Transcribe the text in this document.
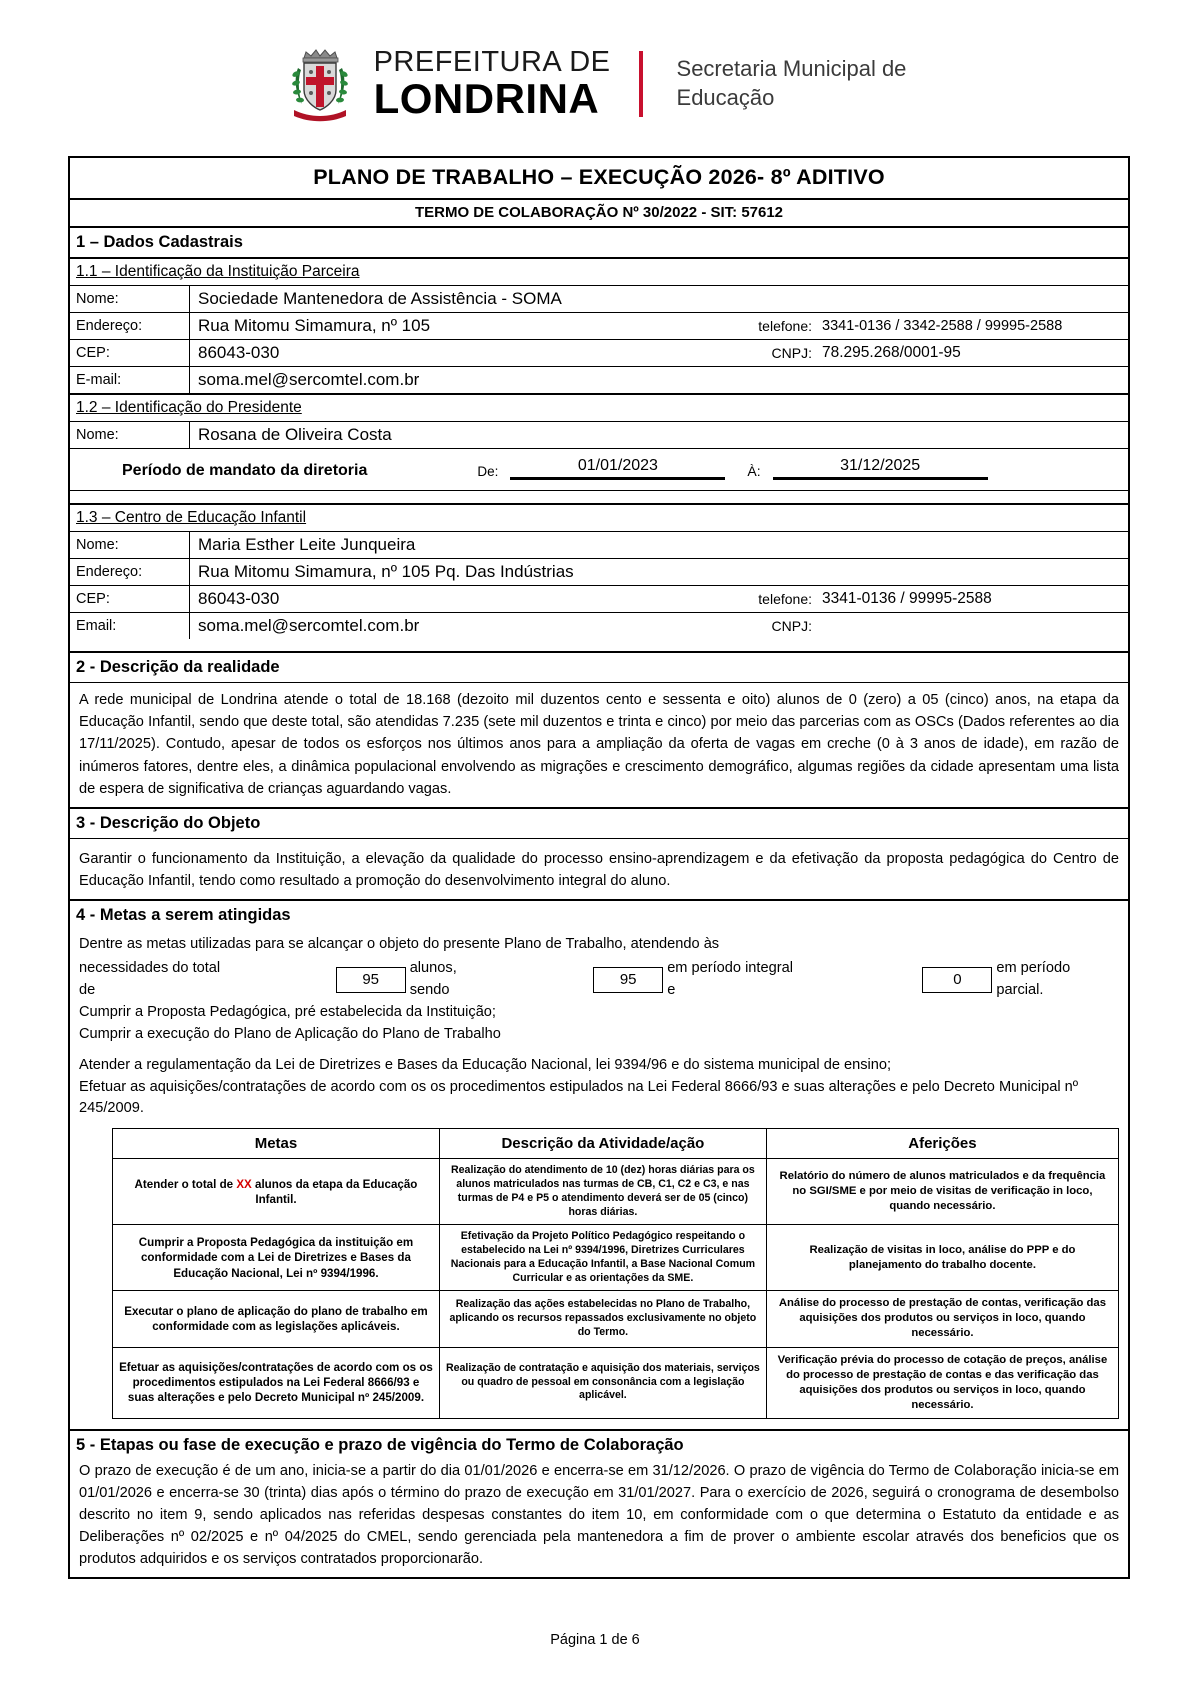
PREFEITURA DE
LONDRINA
Secretaria Municipal de
Educação
PLANO DE TRABALHO – EXECUÇÃO 2026- 8º ADITIVO
TERMO DE COLABORAÇÃO Nº 30/2022 - SIT: 57612
1 – Dados Cadastrais
1.1 – Identificação da Instituição Parceira
Nome:	Sociedade Mantenedora de Assistência - SOMA
Endereço:	Rua Mitomu Simamura, nº 105	telefone: 3341-0136 / 3342-2588 / 99995-2588
CEP:	86043-030	CNPJ: 78.295.268/0001-95
E-mail:	soma.mel@sercomtel.com.br
1.2 – Identificação do Presidente
Nome:	Rosana de Oliveira Costa
Período de mandato da diretoria	De:	01/01/2023	À:	31/12/2025
1.3 – Centro de Educação Infantil
Nome:	Maria Esther Leite Junqueira
Endereço:	Rua Mitomu Simamura, nº 105 Pq. Das Indústrias
CEP:	86043-030	telefone: 3341-0136 / 99995-2588
Email:	soma.mel@sercomtel.com.br	CNPJ:
2 - Descrição da realidade

A rede municipal de Londrina atende o total de 18.168 (dezoito mil duzentos cento e sessenta e oito) alunos de 0 (zero) a 05 (cinco) anos, na etapa da Educação Infantil, sendo que deste total, são atendidas 7.235 (sete mil duzentos e trinta e cinco) por meio das parcerias com as OSCs (Dados referentes ao dia 17/11/2025). Contudo, apesar de todos os esforços nos últimos anos para a ampliação da oferta de vagas em creche (0 à 3 anos de idade), em razão de inúmeros fatores, dentre eles, a dinâmica populacional envolvendo as migrações e crescimento demográfico, algumas regiões da cidade apresentam uma lista de espera de significativa de crianças aguardando vagas.

3 - Descrição do Objeto

Garantir o funcionamento da Instituição, a elevação da qualidade do processo ensino-aprendizagem e da efetivação da proposta pedagógica do Centro de Educação Infantil, tendo como resultado a promoção do desenvolvimento integral do aluno.

4 - Metas a serem atingidas

Dentre as metas utilizadas para se alcançar o objeto do presente Plano de Trabalho, atendendo às

necessidades do total de
95
alunos, sendo
95
em período integral e
0
em período parcial.

Cumprir a Proposta Pedagógica, pré estabelecida da Instituição;

Cumprir a execução do Plano de Aplicação do Plano de Trabalho

Atender a regulamentação da Lei de Diretrizes e Bases da Educação Nacional, lei 9394/96 e do sistema municipal de ensino;

Efetuar as aquisições/contratações de acordo com os os procedimentos estipulados na Lei Federal 8666/93 e suas alterações e pelo Decreto Municipal nº 245/2009.

Metas	Descrição da Atividade/ação	Aferições
Atender o total de XX alunos da etapa da Educação Infantil.	Realização do atendimento de 10 (dez) horas diárias para os alunos matriculados nas turmas de CB, C1, C2 e C3, e nas turmas de P4 e P5 o atendimento deverá ser de 05 (cinco) horas diárias.	Relatório do número de alunos matriculados e da frequência no SGI/SME e por meio de visitas de verificação in loco, quando necessário.
Cumprir a Proposta Pedagógica da instituição em conformidade com a Lei de Diretrizes e Bases da Educação Nacional, Lei nº 9394/1996.	Efetivação da Projeto Político Pedagógico respeitando o estabelecido na Lei nº 9394/1996, Diretrizes Curriculares Nacionais para a Educação Infantil, a Base Nacional Comum Curricular e as orientações da SME.	Realização de visitas in loco, análise do PPP e do planejamento do trabalho docente.
Executar o plano de aplicação do plano de trabalho em conformidade com as legislações aplicáveis.	Realização das ações estabelecidas no Plano de Trabalho, aplicando os recursos repassados exclusivamente no objeto do Termo.	Análise do processo de prestação de contas, verificação das aquisições dos produtos ou serviços in loco, quando necessário.
Efetuar as aquisições/contratações de acordo com os os procedimentos estipulados na Lei Federal 8666/93 e suas alterações e pelo Decreto Municipal nº 245/2009.	Realização de contratação e aquisição dos materiais, serviços ou quadro de pessoal em consonância com a legislação aplicável.	Verificação prévia do processo de cotação de preços, análise do processo de prestação de contas e das verificação das aquisições dos produtos ou serviços in loco, quando necessário.
5 - Etapas ou fase de execução e prazo de vigência do Termo de Colaboração

O prazo de execução é de um ano, inicia-se a partir do dia 01/01/2026 e encerra-se em 31/12/2026. O prazo de vigência do Termo de Colaboração inicia-se em 01/01/2026 e encerra-se 30 (trinta) dias após o término do prazo de execução em 31/01/2027. Para o exercício de 2026, seguirá o cronograma de desembolso descrito no item 9, sendo aplicados nas referidas despesas constantes do item 10, em conformidade com o que determina o Estatuto da entidade e as Deliberações nº 02/2025 e nº 04/2025 do CMEL, sendo gerenciada pela mantenedora a fim de prover o ambiente escolar através dos beneficios que os produtos adquiridos e os serviços contratados proporcionarão.

Página 1 de 6
